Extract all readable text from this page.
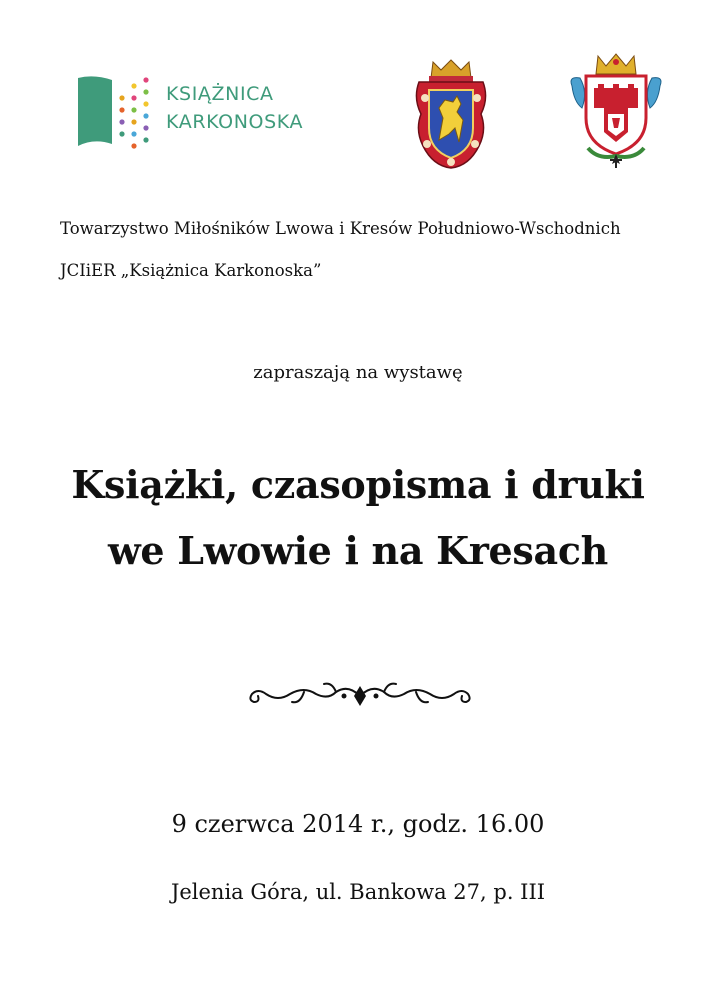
KSIĄŻNICA
KARKONOSKA
Towarzystwo Miłośników Lwowa i Kresów Południowo-Wschodnich
JCIiER „Książnica Karkonoska”
zapraszają na wystawę
Książki, czasopisma i druki
we Lwowie i na Kresach
9 czerwca 2014 r., godz. 16.00
Jelenia Góra, ul. Bankowa 27, p. III
